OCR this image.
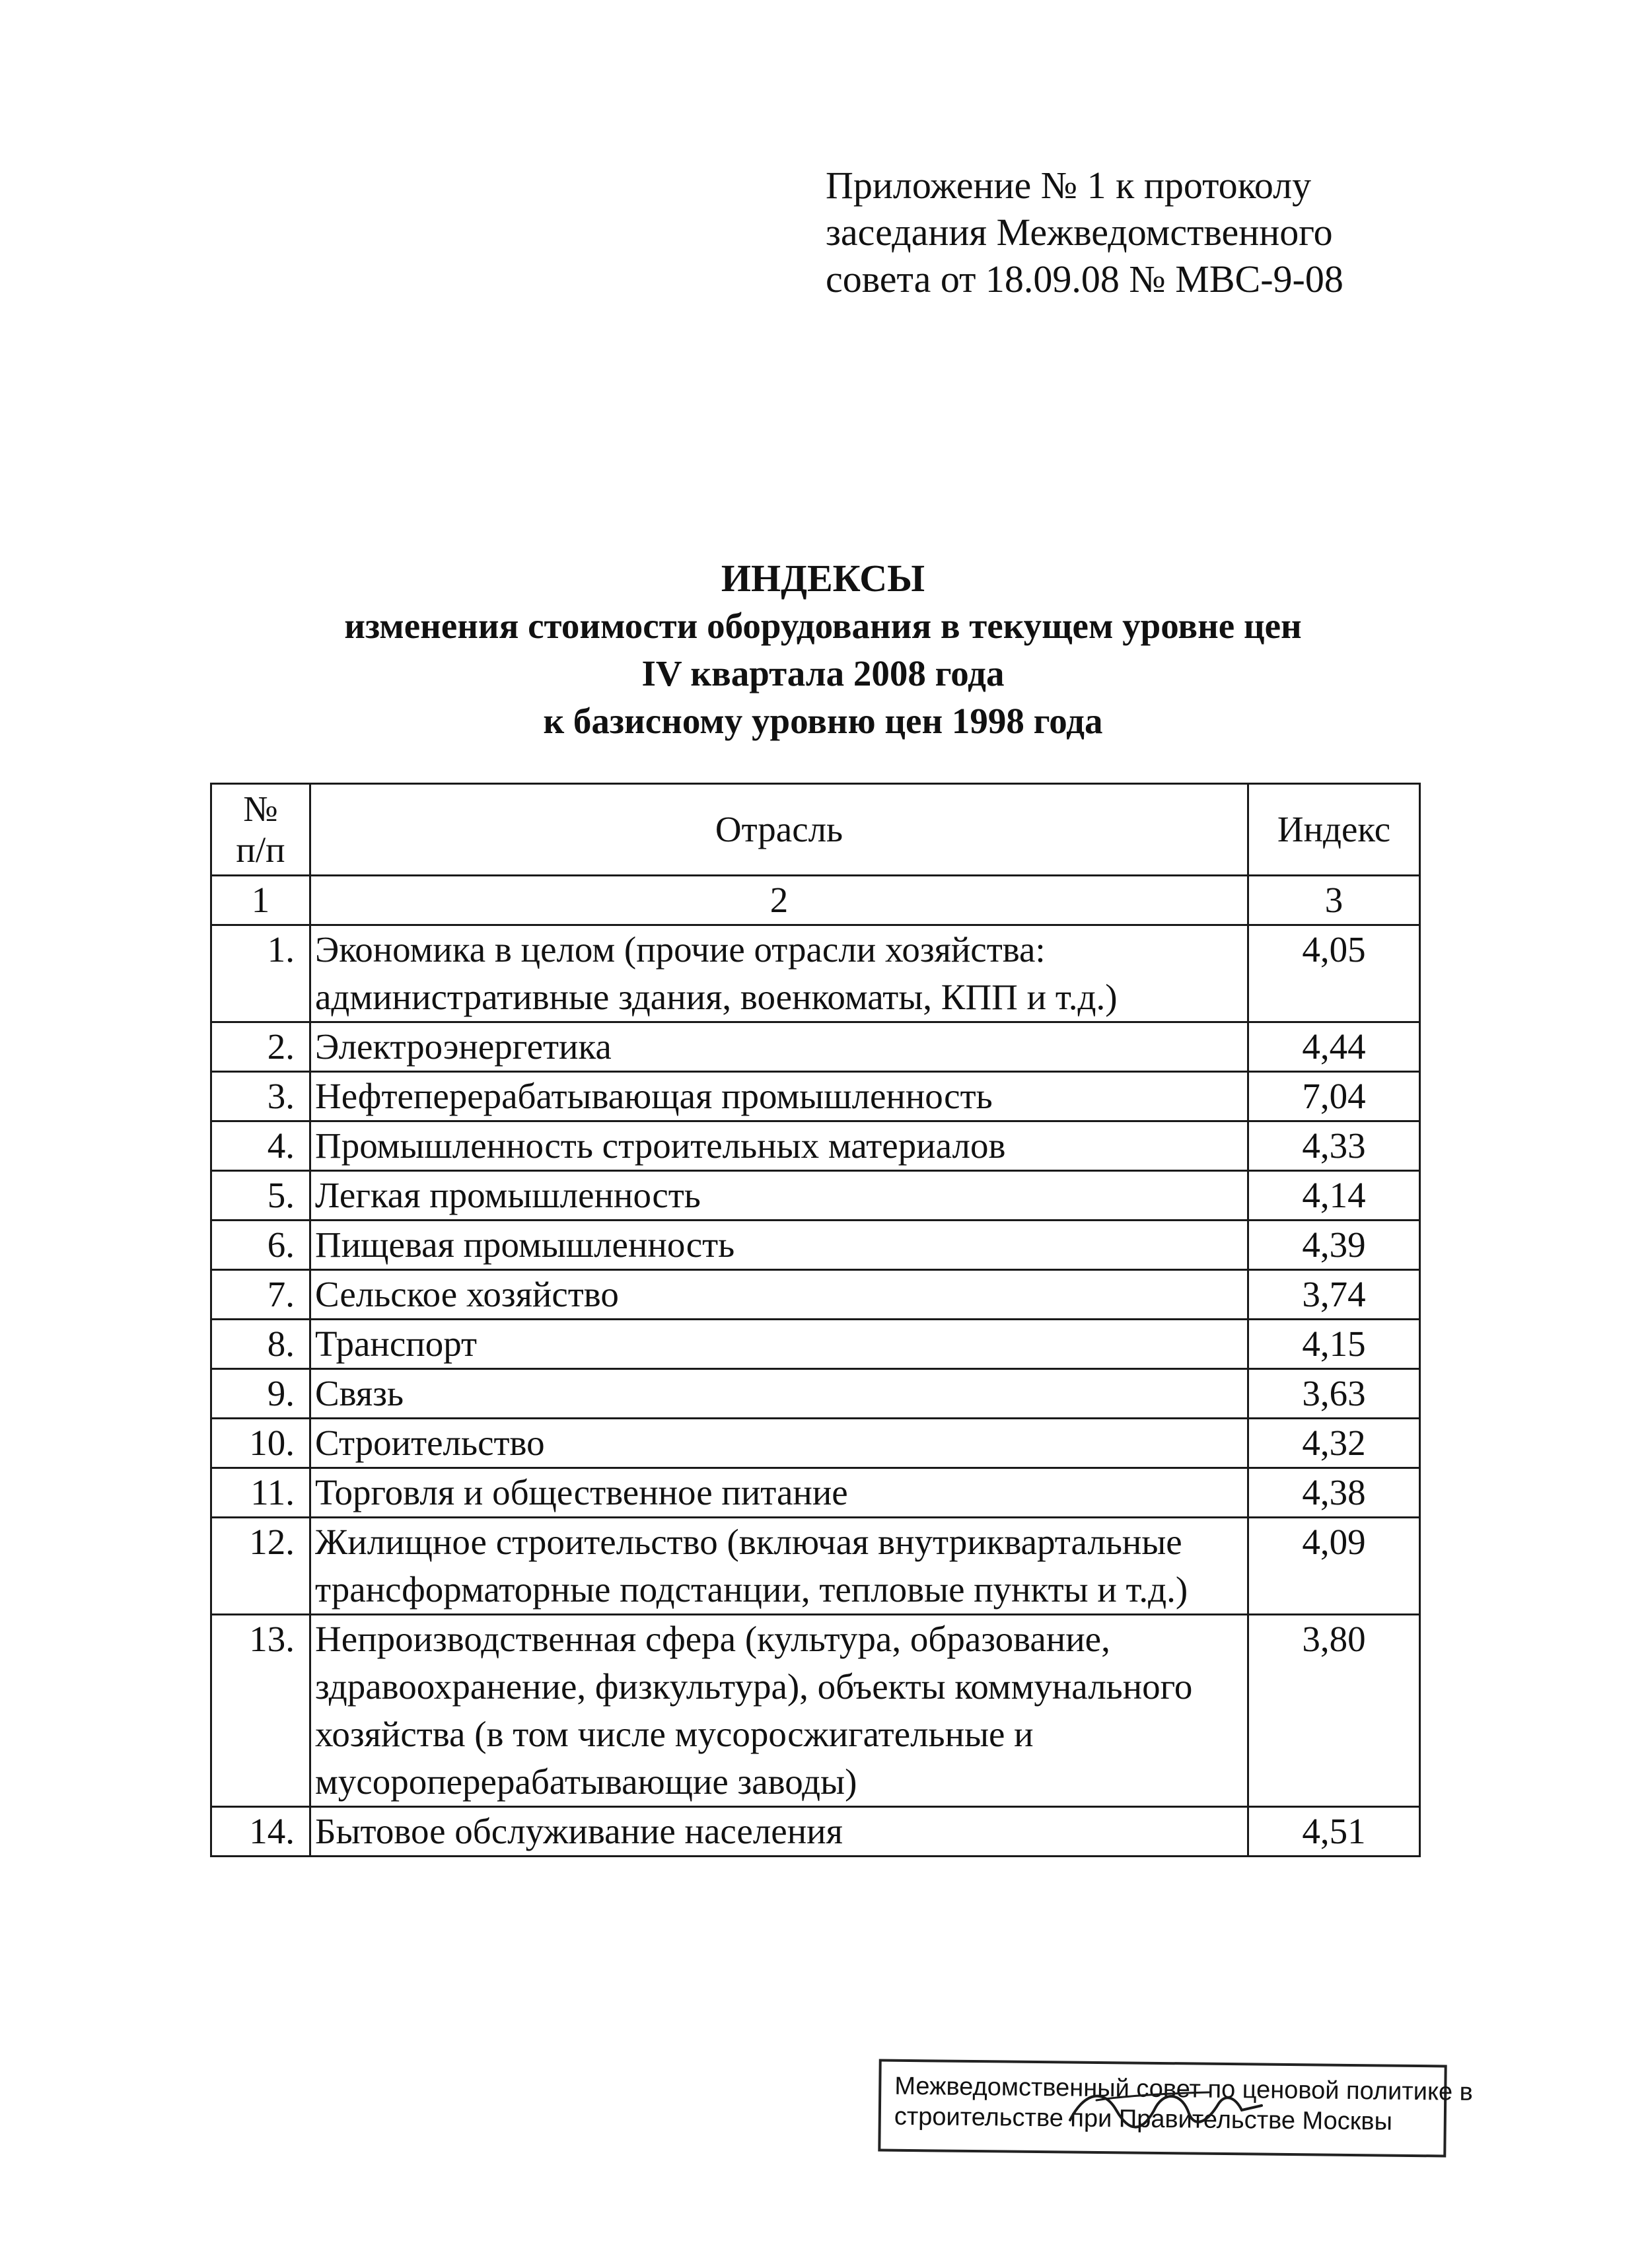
Приложение № 1 к протоколу
заседания Межведомственного
совета от 18.09.08 № МВС-9-08
ИНДЕКСЫ
изменения стоимости оборудования в текущем уровне цен
IV квартала 2008 года
к базисному уровню цен 1998 года
№
п/п	Отрасль	Индекс
1	2	3
1.	Экономика в целом (прочие отрасли хозяйства: административные здания, военкоматы, КПП и т.д.)	4,05
2.	Электроэнергетика	4,44
3.	Нефтеперерабатывающая промышленность	7,04
4.	Промышленность строительных материалов	4,33
5.	Легкая промышленность	4,14
6.	Пищевая промышленность	4,39
7.	Сельское хозяйство	3,74
8.	Транспорт	4,15
9.	Связь	3,63
10.	Строительство	4,32
11.	Торговля и общественное питание	4,38
12.	Жилищное строительство (включая внутриквартальные трансформаторные подстанции, тепловые пункты и т.д.)	4,09
13.	Непроизводственная сфера (культура, образование, здравоохранение, физкультура), объекты коммунального хозяйства (в том числе мусоросжигательные и мусороперерабатывающие заводы)	3,80
14.	Бытовое обслуживание населения	4,51
Межведомственный совет по ценовой политике в
строительстве при Правительстве Москвы
